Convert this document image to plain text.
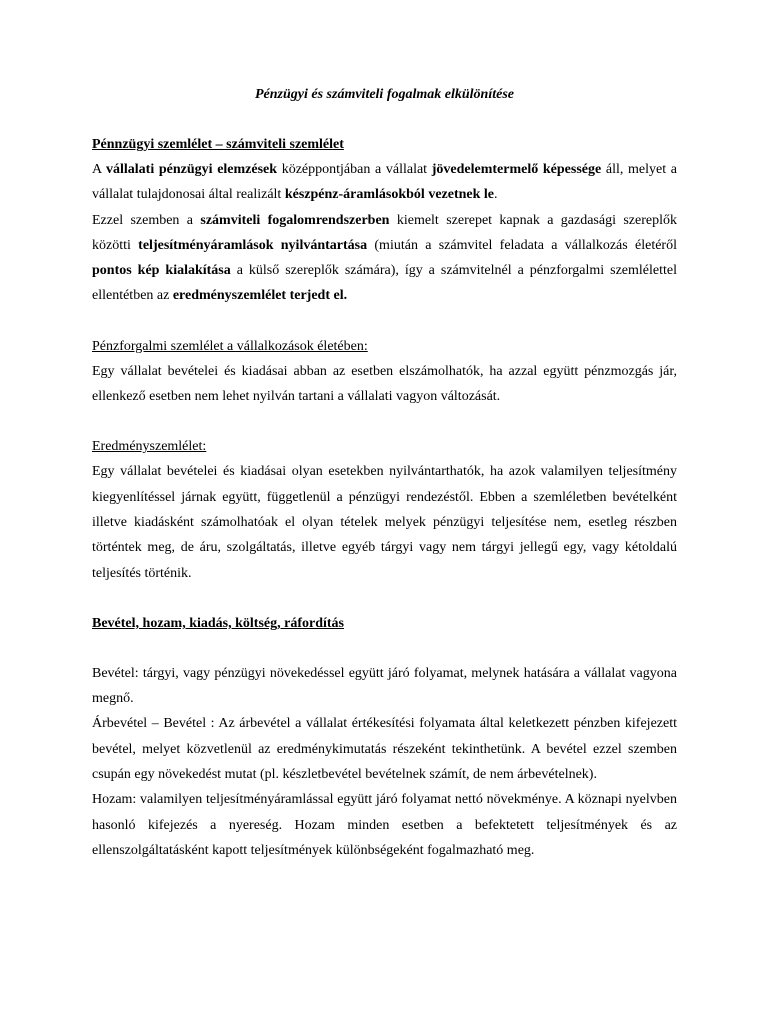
Pénzügyi és számviteli fogalmak elkülönítése
Pénnzügyi szemlélet – számviteli szemlélet

A vállalati pénzügyi elemzések középpontjában a vállalat jövedelemtermelő képessége áll, melyet a vállalat tulajdonosai által realizált készpénz-áramlásokból vezetnek le.

Ezzel szemben a számviteli fogalomrendszerben kiemelt szerepet kapnak a gazdasági szereplők közötti teljesítményáramlások nyilvántartása (miután a számvitel feladata a vállalkozás életéről pontos kép kialakítása a külső szereplők számára), így a számvitelnél a pénzforgalmi szemlélettel ellentétben az eredményszemlélet terjedt el.

Pénzforgalmi szemlélet a vállalkozások életében:

Egy vállalat bevételei és kiadásai abban az esetben elszámolhatók, ha azzal együtt pénzmozgás jár, ellenkező esetben nem lehet nyilván tartani a vállalati vagyon változását.

Eredményszemlélet:

Egy vállalat bevételei és kiadásai olyan esetekben nyilvántarthatók, ha azok valamilyen teljesítmény kiegyenlítéssel járnak együtt, függetlenül a pénzügyi rendezéstől. Ebben a szemléletben bevételként illetve kiadásként számolhatóak el olyan tételek melyek pénzügyi teljesítése nem, esetleg részben történtek meg, de áru, szolgáltatás, illetve egyéb tárgyi vagy nem tárgyi jellegű egy, vagy kétoldalú teljesítés történik.

Bevétel, hozam, kiadás, költség, ráfordítás

Bevétel: tárgyi, vagy pénzügyi növekedéssel együtt járó folyamat, melynek hatására a vállalat vagyona megnő.

Árbevétel – Bevétel : Az árbevétel a vállalat értékesítési folyamata által keletkezett pénzben kifejezett bevétel, melyet közvetlenül az eredménykimutatás részeként tekinthetünk. A bevétel ezzel szemben csupán egy növekedést mutat (pl. készletbevétel bevételnek számít, de nem árbevételnek).

Hozam: valamilyen teljesítményáramlással együtt járó folyamat nettó növekménye. A köznapi nyelvben hasonló kifejezés a nyereség. Hozam minden esetben a befektetett teljesítmények és az ellenszolgáltatásként kapott teljesítmények különbségeként fogalmazható meg.
